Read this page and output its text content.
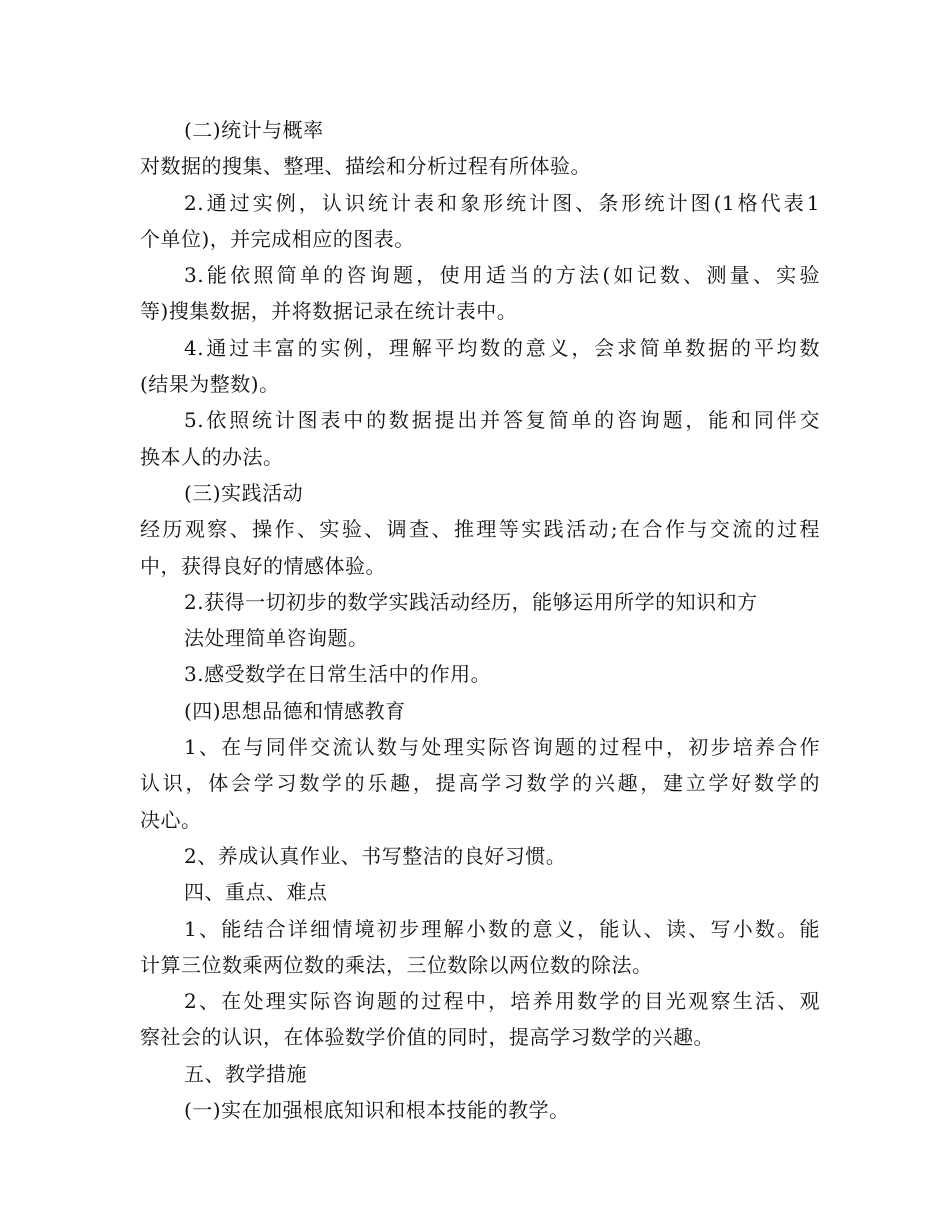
(二)统计与概率
对数据的搜集、整理、描绘和分析过程有所体验。
2.通过实例，认识统计表和象形统计图、条形统计图(1格代表1
个单位)，并完成相应的图表。
3.能依照简单的咨询题，使用适当的方法(如记数、测量、实验
等)搜集数据，并将数据记录在统计表中。
4.通过丰富的实例，理解平均数的意义，会求简单数据的平均数
(结果为整数)。
5.依照统计图表中的数据提出并答复简单的咨询题，能和同伴交
换本人的办法。
(三)实践活动
经历观察、操作、实验、调查、推理等实践活动;在合作与交流的过程
中，获得良好的情感体验。
2.获得一切初步的数学实践活动经历，能够运用所学的知识和方
法处理简单咨询题。
3.感受数学在日常生活中的作用。
(四)思想品德和情感教育
1、在与同伴交流认数与处理实际咨询题的过程中，初步培养合作
认识，体会学习数学的乐趣，提高学习数学的兴趣，建立学好数学的
决心。
2、养成认真作业、书写整洁的良好习惯。
四、重点、难点
1、能结合详细情境初步理解小数的意义，能认、读、写小数。能
计算三位数乘两位数的乘法，三位数除以两位数的除法。
2、在处理实际咨询题的过程中，培养用数学的目光观察生活、观
察社会的认识，在体验数学价值的同时，提高学习数学的兴趣。
五、教学措施
(一)实在加强根底知识和根本技能的教学。
